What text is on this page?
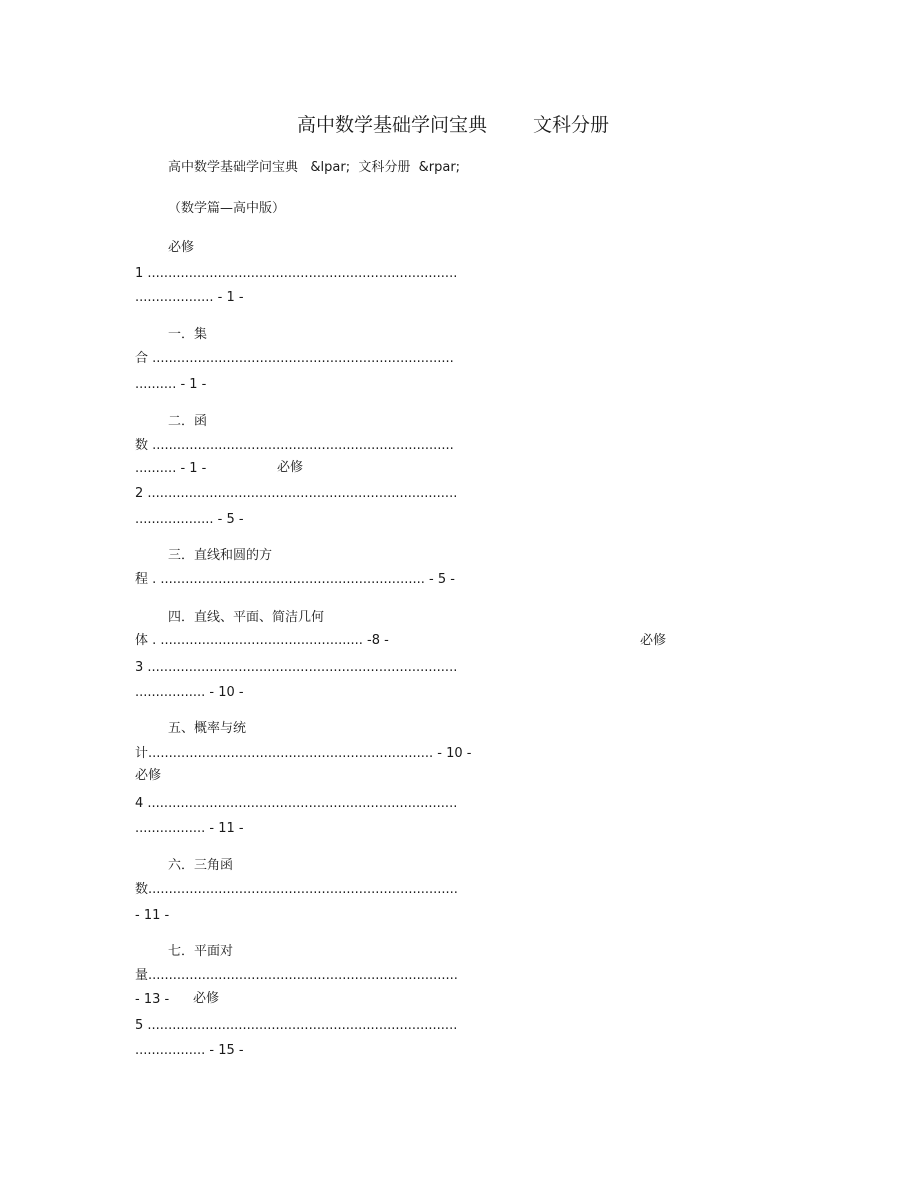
高中数学基础学问宝典 文科分册
高中数学基础学问宝典   &lpar;  文科分册  &rpar;
（数学篇—高中版）
必修
1 ...........................................................................
................... - 1 -
一．集
合 .........................................................................
.......... - 1 -
二．函
数 .........................................................................
.......... - 1 -	必修
2 ...........................................................................
................... - 5 -
三．直线和圆的方
程 . ................................................................ - 5 -
四．直线、平面、简洁几何
体 . ................................................. -8 -	必修
3 ...........................................................................
................. - 10 -
五、概率与统
计..................................................................... - 10 -
必修
4 ...........................................................................
................. - 11 -
六．三角函
数...........................................................................
- 11 -
七．平面对
量...........................................................................
- 13 - 必修
5 ...........................................................................
................. - 15 -
